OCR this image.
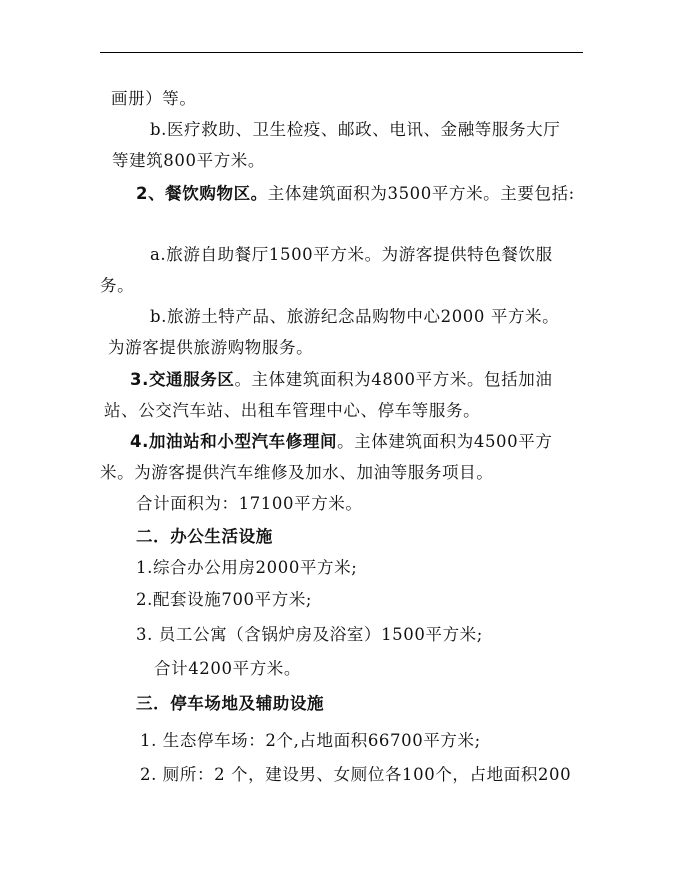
画册）等。
b.医疗救助、卫生检疫、邮政、电讯、金融等服务大厅
等建筑800平方米。
2、餐饮购物区。主体建筑面积为3500平方米。主要包括:
a.旅游自助餐厅1500平方米。为游客提供特色餐饮服
务。
b.旅游土特产品、旅游纪念品购物中心2000 平方米。
为游客提供旅游购物服务。
3.交通服务区。主体建筑面积为4800平方米。包括加油
站、公交汽车站、出租车管理中心、停车等服务。
4.加油站和小型汽车修理间。主体建筑面积为4500平方
米。为游客提供汽车维修及加水、加油等服务项目。
合计面积为：17100平方米。
二．办公生活设施
1.综合办公用房2000平方米;
2.配套设施700平方米;
3. 员工公寓（含锅炉房及浴室）1500平方米;
合计4200平方米。
三．停车场地及辅助设施
1. 生态停车场：2个,占地面积66700平方米;
2. 厕所：2 个，建设男、女厕位各100个，占地面积200
